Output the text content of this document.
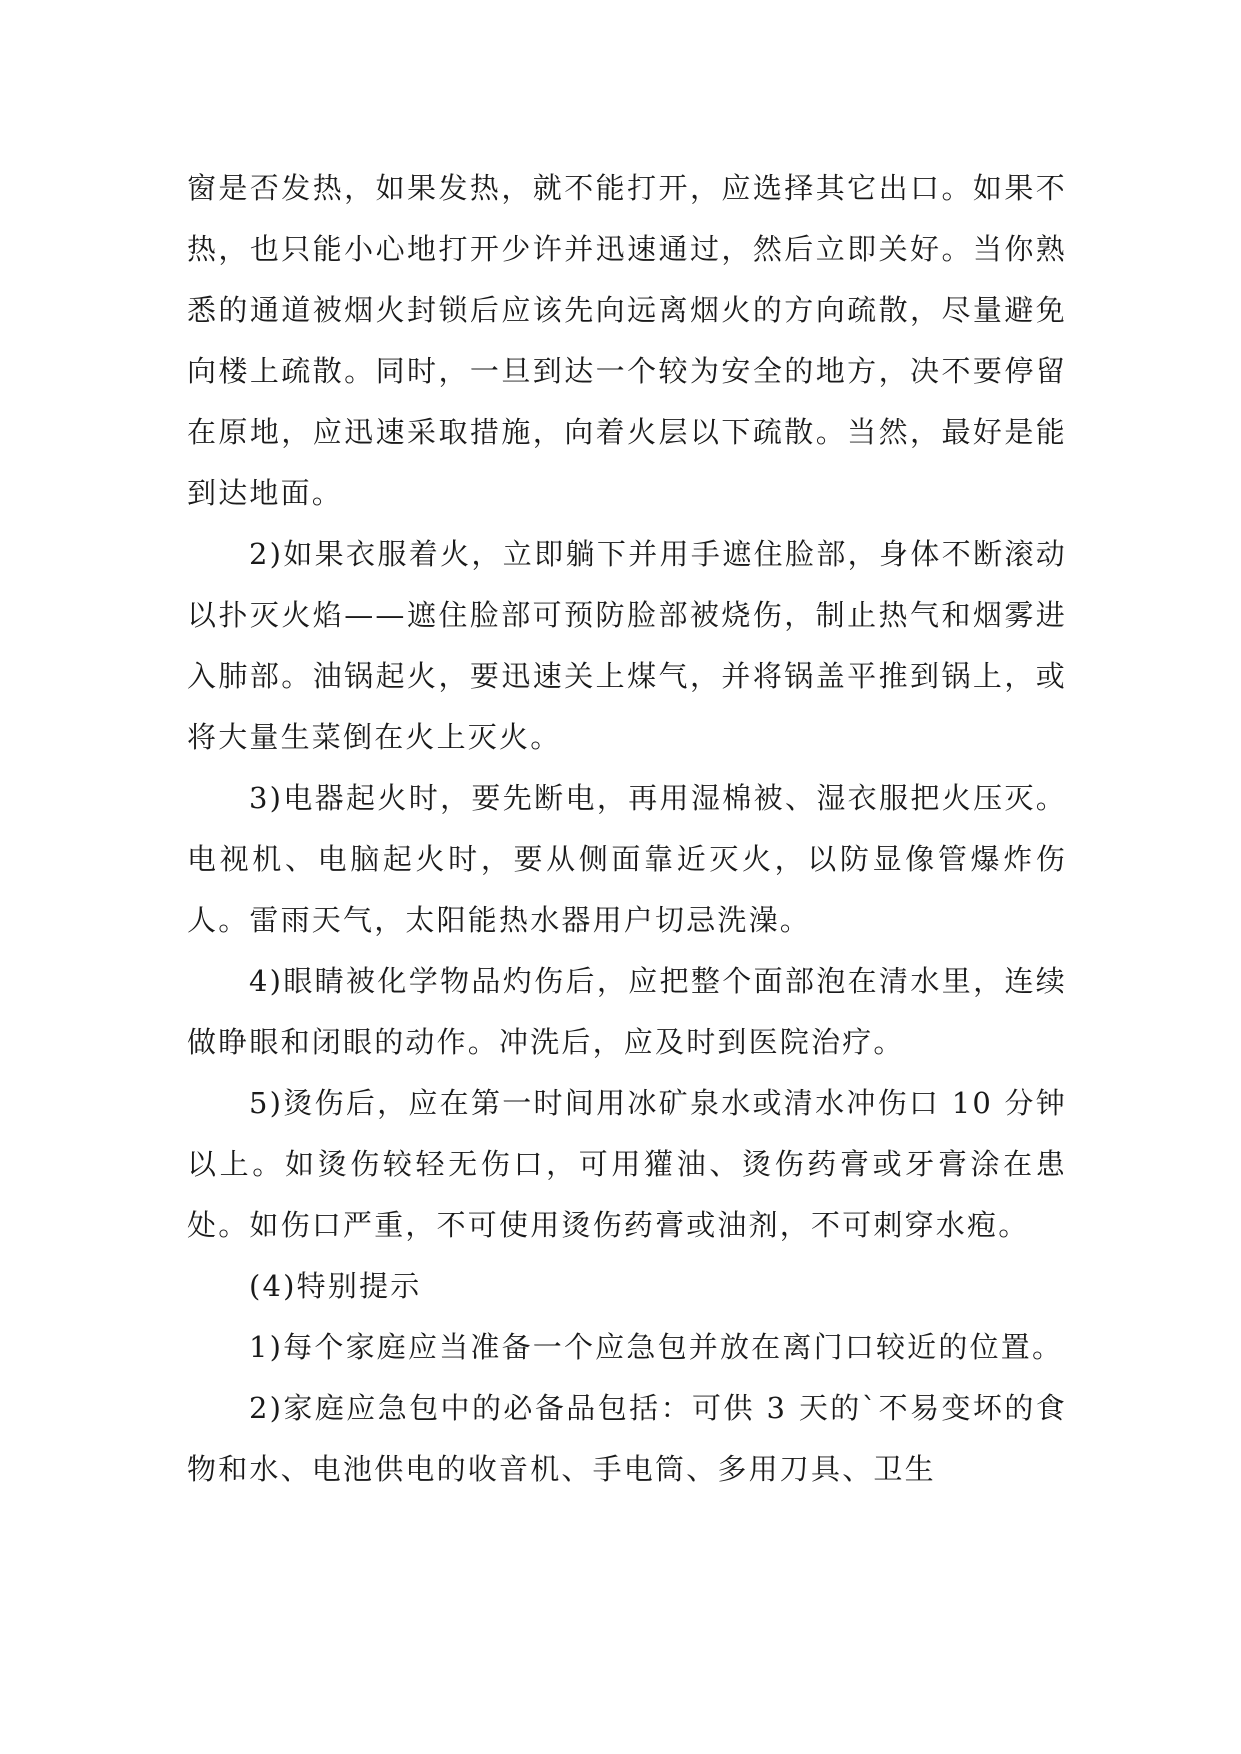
窗是否发热，如果发热，就不能打开，应选择其它出口。如果不热，也只能小心地打开少许并迅速通过，然后立即关好。当你熟悉的通道被烟火封锁后应该先向远离烟火的方向疏散，尽量避免向楼上疏散。同时，一旦到达一个较为安全的地方，决不要停留在原地，应迅速采取措施，向着火层以下疏散。当然，最好是能到达地面。

2)如果衣服着火，立即躺下并用手遮住脸部，身体不断滚动以扑灭火焰——遮住脸部可预防脸部被烧伤，制止热气和烟雾进入肺部。油锅起火，要迅速关上煤气，并将锅盖平推到锅上，或将大量生菜倒在火上灭火。

3)电器起火时，要先断电，再用湿棉被、湿衣服把火压灭。电视机、电脑起火时，要从侧面靠近灭火，以防显像管爆炸伤人。雷雨天气，太阳能热水器用户切忌洗澡。

4)眼睛被化学物品灼伤后，应把整个面部泡在清水里，连续做睁眼和闭眼的动作。冲洗后，应及时到医院治疗。

5)烫伤后，应在第一时间用冰矿泉水或清水冲伤口 10 分钟以上。如烫伤较轻无伤口，可用獾油、烫伤药膏或牙膏涂在患处。如伤口严重，不可使用烫伤药膏或油剂，不可刺穿水疱。

(4)特别提示

1)每个家庭应当准备一个应急包并放在离门口较近的位置。

2)家庭应急包中的必备品包括：可供 3 天的`不易变坏的食物和水、电池供电的收音机、手电筒、多用刀具、卫生
